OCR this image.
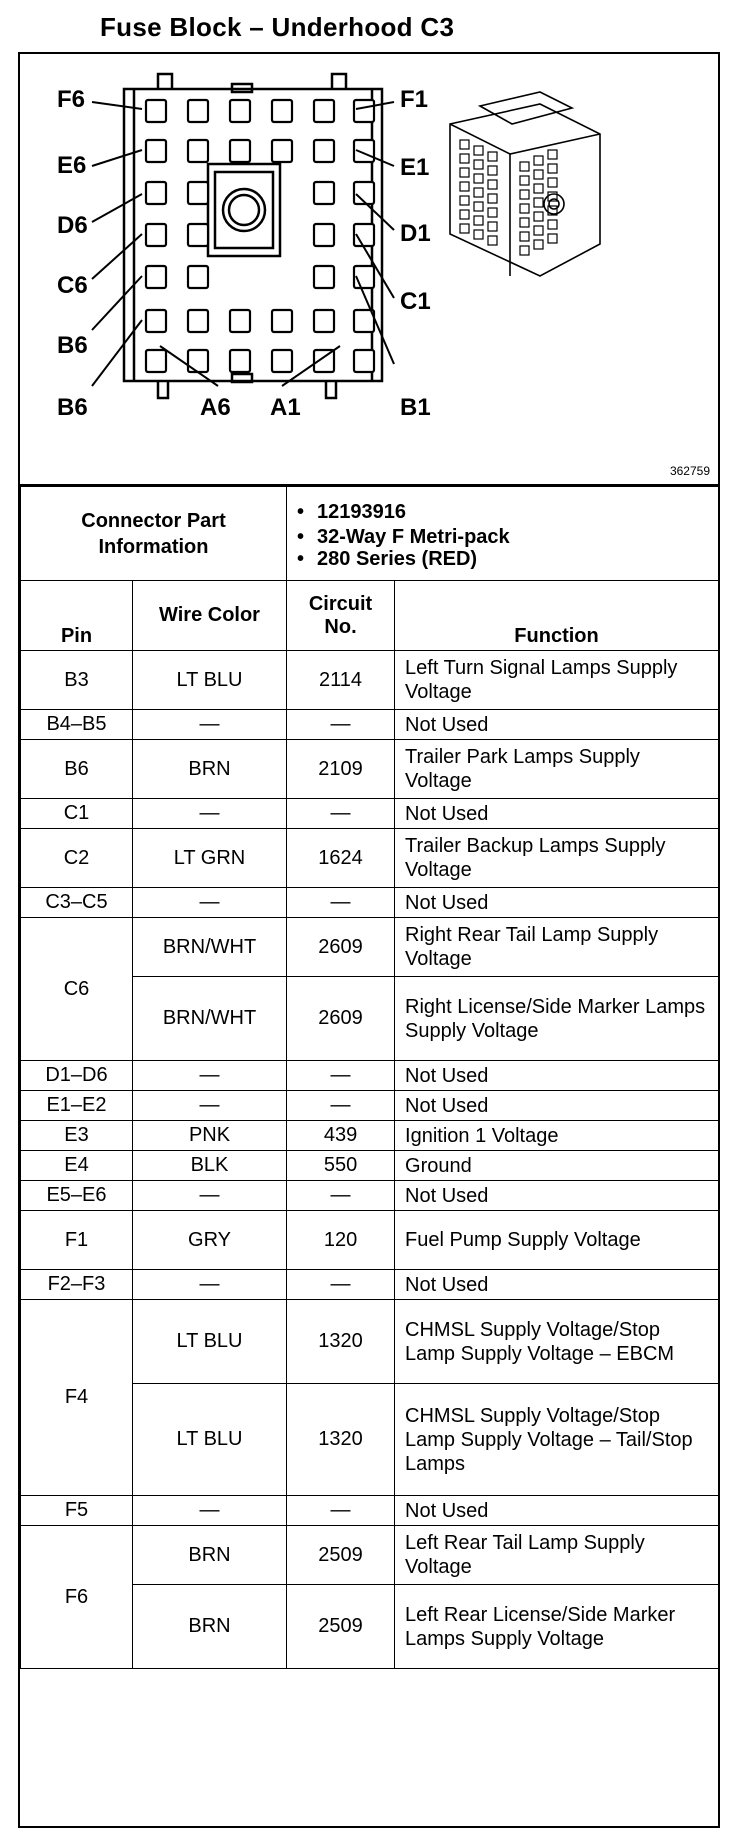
Fuse Block – Underhood C3
F6
E6
D6
C6
B6
B6	A6
F1
E1
D1
C1
B1
A1
362759
Connector Part Information		• 12193916
• 32-Way F Metri-pack
• 280 Series (RED)

Pin	Wire Color	Circuit No.	Function
B3	LT BLU	2114	Left Turn Signal Lamps Supply Voltage
B4–B5	—	—	Not Used
B6	BRN	2109	Trailer Park Lamps Supply Voltage
C1	—	—	Not Used
C2	LT GRN	1624	Trailer Backup Lamps Supply Voltage
C3–C5	—	—	Not Used
C6	BRN/WHT	2609	Right Rear Tail Lamp Supply Voltage
	BRN/WHT	2609	Right License/Side Marker Lamps Supply Voltage
D1–D6	—	—	Not Used
E1–E2	—	—	Not Used
E3	PNK	439	Ignition 1 Voltage
E4	BLK	550	Ground
E5–E6	—	—	Not Used
F1	GRY	120	Fuel Pump Supply Voltage
F2–F3	—	—	Not Used
F4	LT BLU	1320	CHMSL Supply Voltage/Stop Lamp Supply Voltage – EBCM
	LT BLU	1320	CHMSL Supply Voltage/Stop Lamp Supply Voltage – Tail/Stop Lamps
F5	—	—	Not Used
F6	BRN	2509	Left Rear Tail Lamp Supply Voltage
	BRN	2509	Left Rear License/Side Marker Lamps Supply Voltage
